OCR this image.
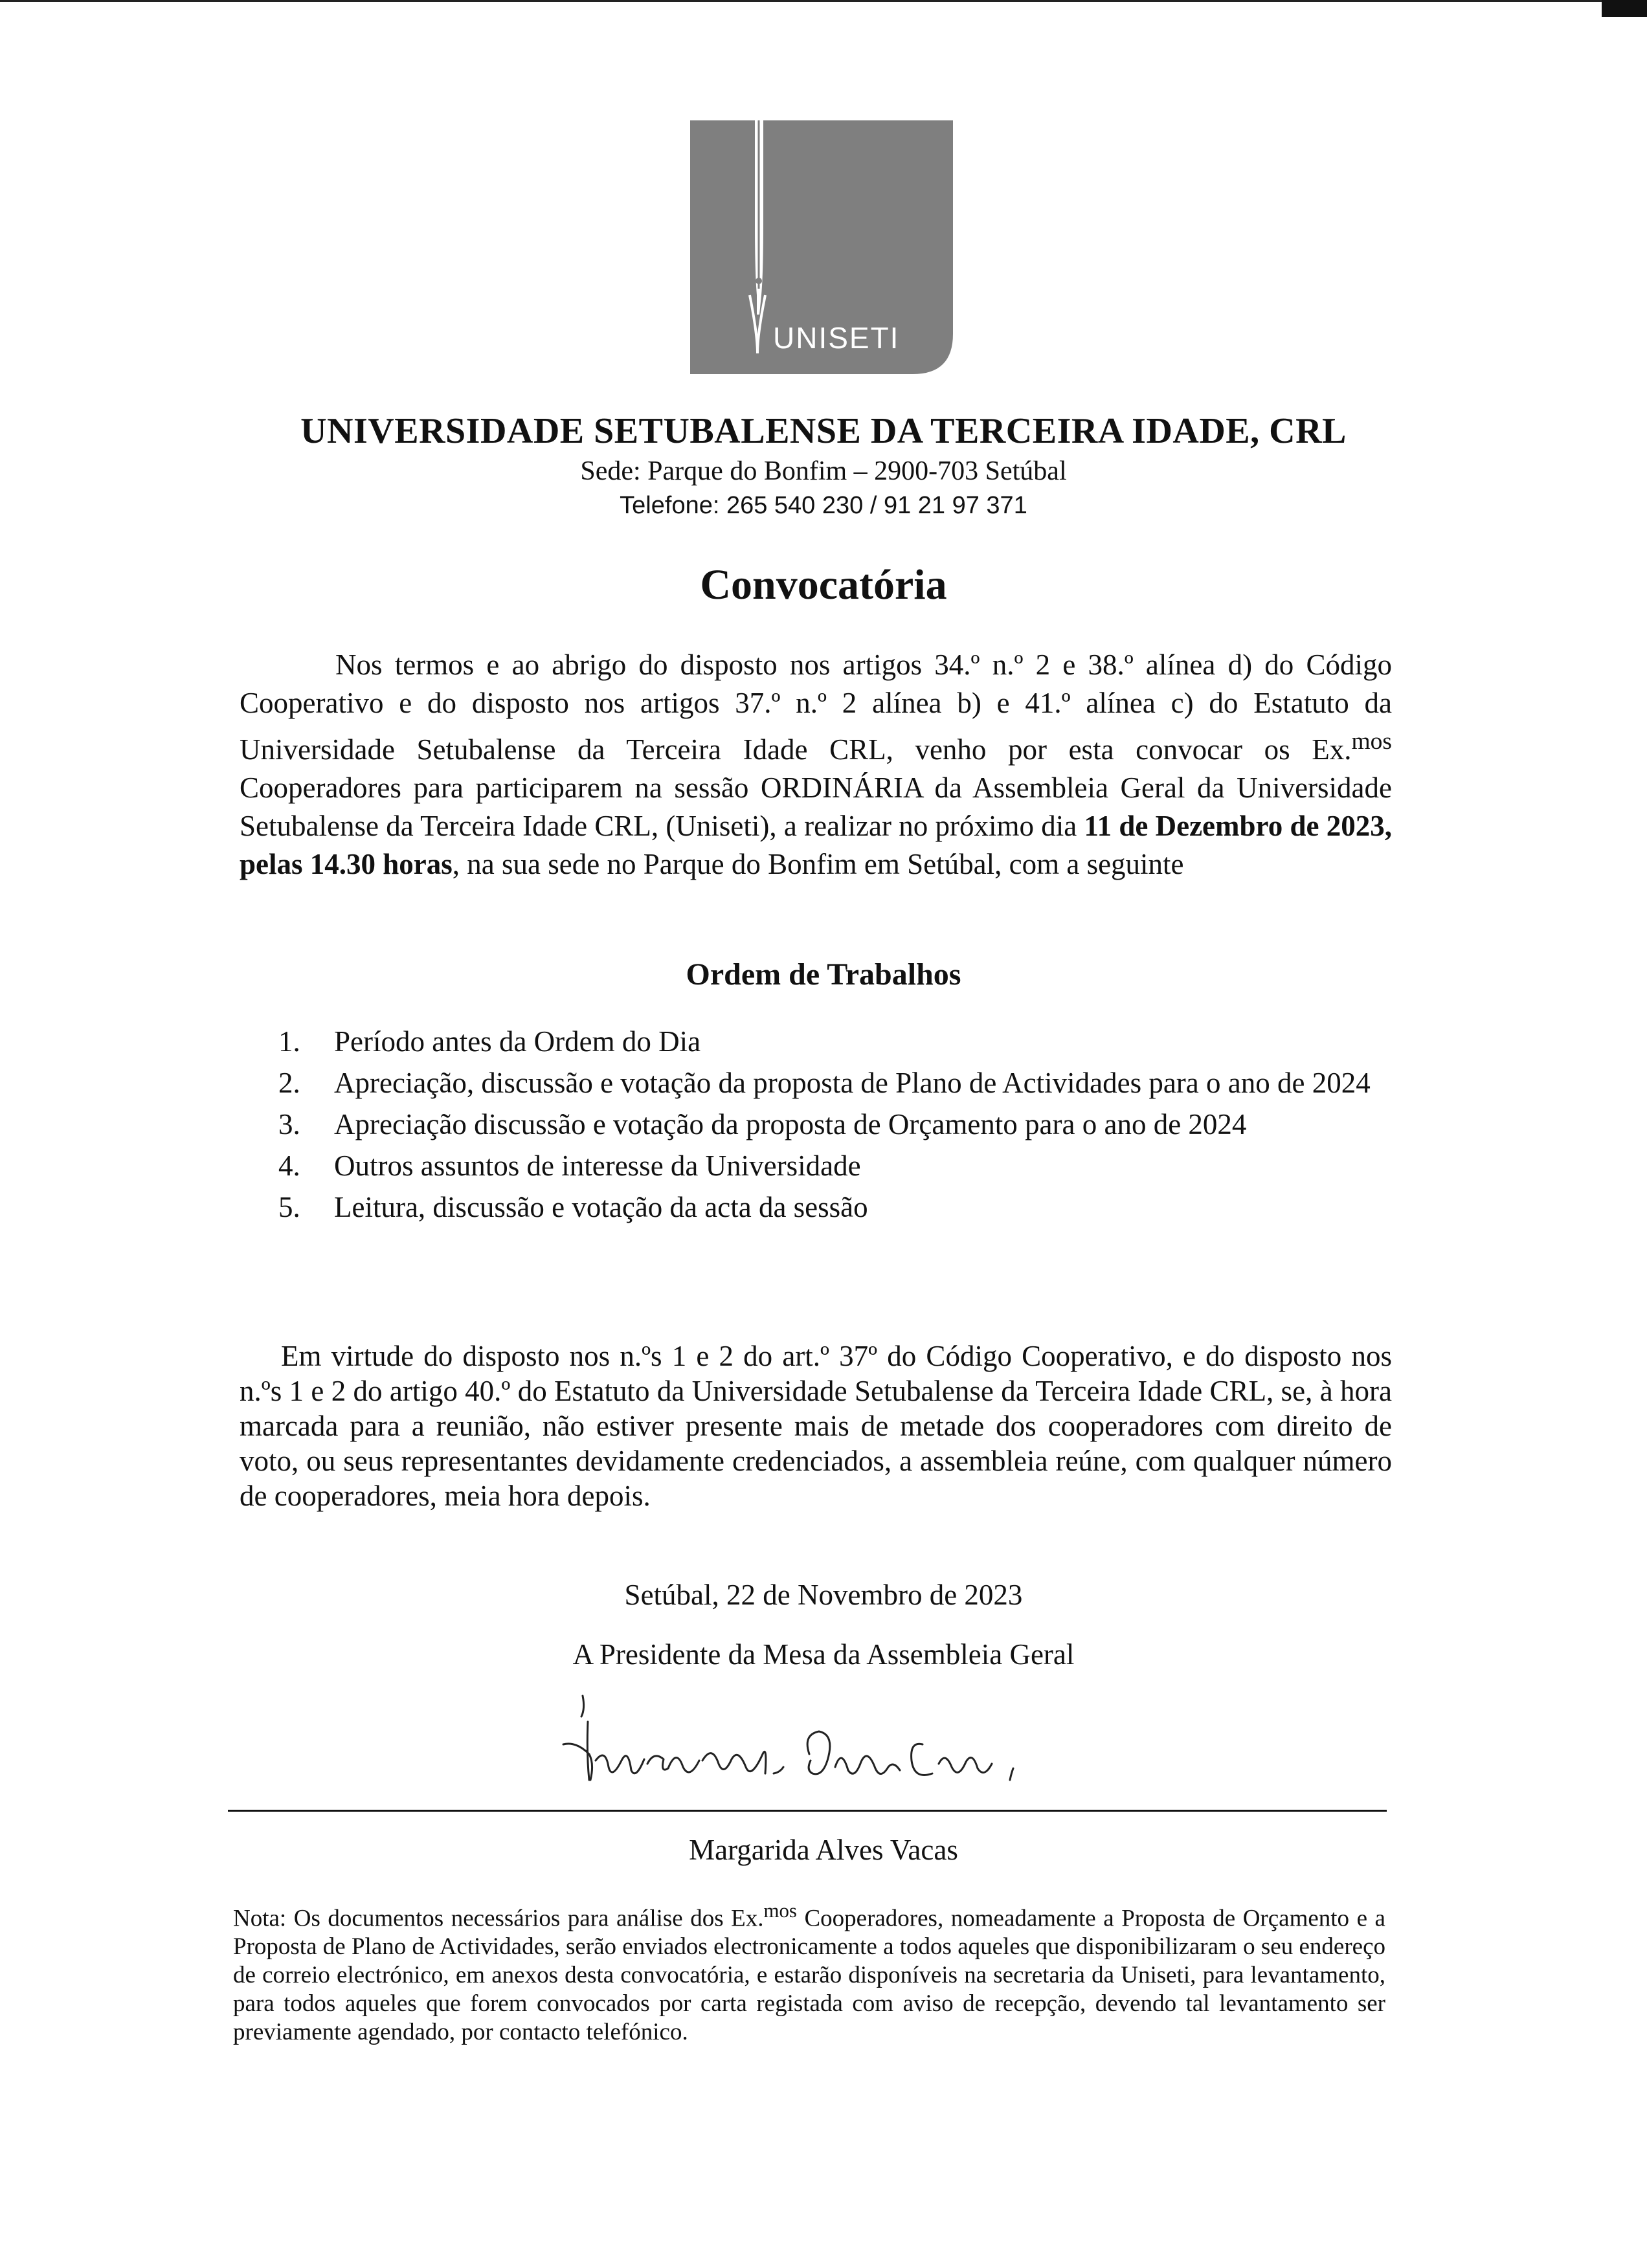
UNISETI
UNIVERSIDADE SETUBALENSE DA TERCEIRA IDADE, CRL
Sede: Parque do Bonfim – 2900-703 Setúbal
Telefone: 265 540 230 / 91 21 97 371
Convocatória
Nos termos e ao abrigo do disposto nos artigos 34.º n.º 2 e 38.º alínea d) do Código Cooperativo e do disposto nos artigos 37.º n.º 2 alínea b) e 41.º alínea c) do Estatuto da Universidade Setubalense da Terceira Idade CRL, venho por esta convocar os Ex.$^{mos}$ Cooperadores para participarem na sessão ORDINÁRIA da Assembleia Geral da Universidade Setubalense da Terceira Idade CRL, (Uniseti), a realizar no próximo dia 11 de Dezembro de 2023, pelas 14.30 horas, na sua sede no Parque do Bonfim em Setúbal, com a seguinte
Ordem de Trabalhos
1.	Período antes da Ordem do Dia
2.	Apreciação, discussão e votação da proposta de Plano de Actividades para o ano de 2024
3.	Apreciação discussão e votação da proposta de Orçamento para o ano de 2024
4.	Outros assuntos de interesse da Universidade
5.	Leitura, discussão e votação da acta da sessão
Em virtude do disposto nos n.ºs 1 e 2 do art.º 37º do Código Cooperativo, e do disposto nos n.ºs 1 e 2 do artigo 40.º do Estatuto da Universidade Setubalense da Terceira Idade CRL, se, à hora marcada para a reunião, não estiver presente mais de metade dos cooperadores com direito de voto, ou seus representantes devidamente credenciados, a assembleia reúne, com qualquer número de cooperadores, meia hora depois.
Setúbal, 22 de Novembro de 2023
A Presidente da Mesa da Assembleia Geral
Margarida Alves Vacas
Nota: Os documentos necessários para análise dos Ex.$^{mos}$ Cooperadores, nomeadamente a Proposta de Orçamento e a Proposta de Plano de Actividades, serão enviados electronicamente a todos aqueles que disponibilizaram o seu endereço de correio electrónico, em anexos desta convocatória, e estarão disponíveis na secretaria da Uniseti, para levantamento, para todos aqueles que forem convocados por carta registada com aviso de recepção, devendo tal levantamento ser previamente agendado, por contacto telefónico.
